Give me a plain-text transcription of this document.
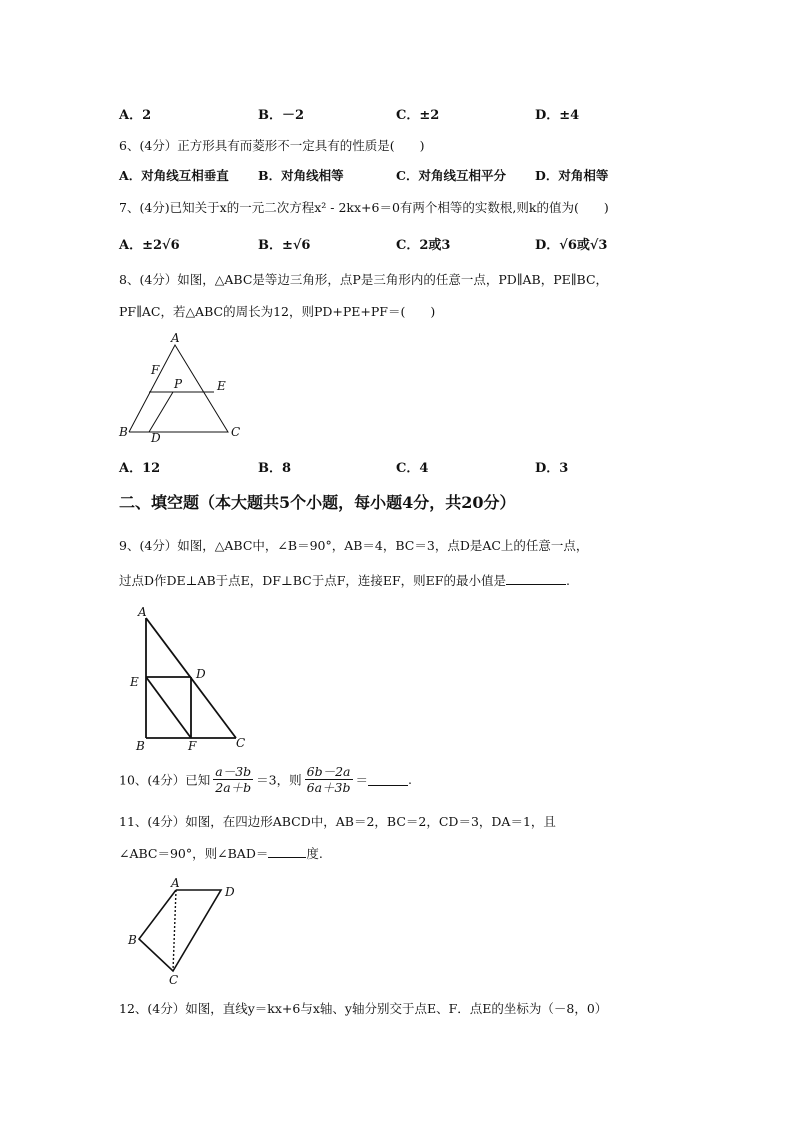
A．2	B．－2	C．±2	D．±4
6、(4分）正方形具有而菱形不一定具有的性质是(　　)
A．对角线互相垂直 B．对角线相等	C．对角线互相平分 D．对角相等
7、(4分)已知关于x的一元二次方程x² - 2kx+6＝0有两个相等的实数根,则k的值为(　　)
A．±2√6	B．±√6	C．2或3	D．√6或√3
8、(4分）如图，△ABC是等边三角形，点P是三角形内的任意一点，PD∥AB，PE∥BC，
PF∥AC，若△ABC的周长为12，则PD+PE+PF＝(　　)
A
F
P	E
B D	C
A．12	B．8	C．4	D．3
二、填空题（本大题共5个小题，每小题4分，共20分）
9、(4分）如图，△ABC中，∠B＝90°，AB＝4，BC＝3，点D是AC上的任意一点，
过点D作DE⊥AB于点E，DF⊥BC于点F，连接EF，则EF的最小值是	.
A
E
D
B	F	C
10、(4分）已知 $\frac{a-3b}{2a+b} =3$，则 $\frac{6b-2a}{6a+3b}$ ＝	.
11、(4分）如图，在四边形ABCD中，AB＝2，BC＝2，CD＝3，DA＝1，且
∠ABC＝90°，则∠BAD＝	度.
A
D
B
C
12、(4分）如图，直线y＝kx+6与x轴、y轴分别交于点E、F．点E的坐标为（－8，0）
